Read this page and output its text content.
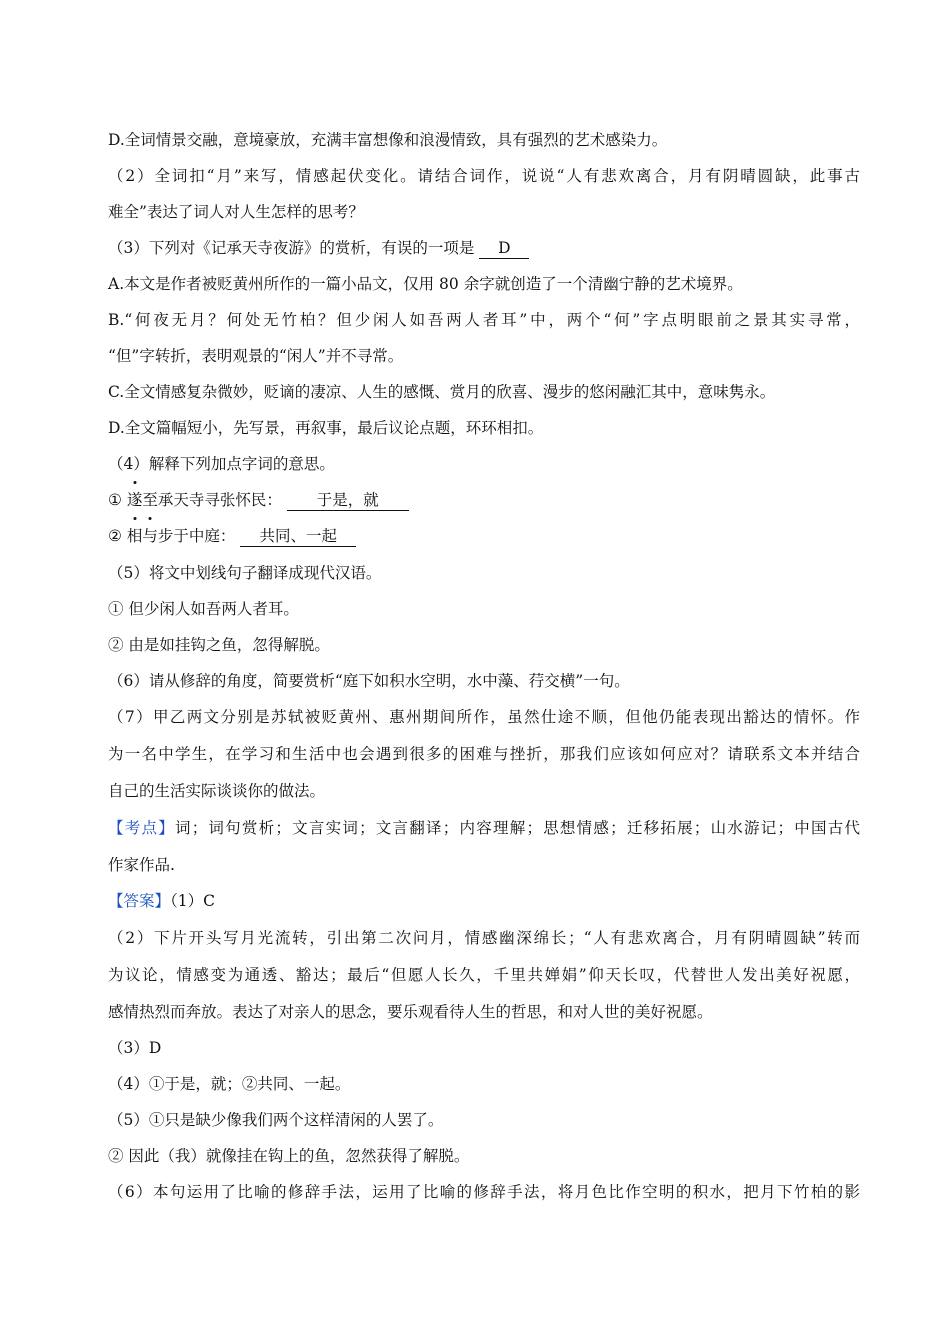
D.全词情景交融，意境豪放，充满丰富想像和浪漫情致，具有强烈的艺术感染力。
（2）全词扣“月”来写，情感起伏变化。请结合词作，说说“人有悲欢离合，月有阴晴圆缺，此事古
难全”表达了词人对人生怎样的思考？
（3）下列对《记承天寺夜游》的赏析，有误的一项是 D
A.本文是作者被贬黄州所作的一篇小品文，仅用 80 余字就创造了一个清幽宁静的艺术境界。
B.“何夜无月？何处无竹柏？但少闲人如吾两人者耳”中，两个“何”字点明眼前之景其实寻常，
“但”字转折，表明观景的“闲人”并不寻常。
C.全文情感复杂微妙，贬谪的凄凉、人生的感慨、赏月的欣喜、漫步的悠闲融汇其中，意味隽永。
D.全文篇幅短小，先写景，再叙事，最后议论点题，环环相扣。
（4）解释下列加点字词的意思。
① 遂至承天寺寻张怀民： 于是，就
② 相与步于中庭： 共同、一起
（5）将文中划线句子翻译成现代汉语。
① 但少闲人如吾两人者耳。
② 由是如挂钩之鱼，忽得解脱。
（6）请从修辞的角度，简要赏析“庭下如积水空明，水中藻、荇交横”一句。
（7）甲乙两文分别是苏轼被贬黄州、惠州期间所作，虽然仕途不顺，但他仍能表现出豁达的情怀。作
为一名中学生，在学习和生活中也会遇到很多的困难与挫折，那我们应该如何应对？请联系文本并结合
自己的生活实际谈谈你的做法。
【考点】词；词句赏析；文言实词；文言翻译；内容理解；思想情感；迁移拓展；山水游记；中国古代
作家作品.
【答案】（1）C
（2）下片开头写月光流转，引出第二次问月，情感幽深绵长；“人有悲欢离合，月有阴晴圆缺”转而
为议论，情感变为通透、豁达；最后“但愿人长久，千里共婵娟”仰天长叹，代替世人发出美好祝愿，
感情热烈而奔放。表达了对亲人的思念，要乐观看待人生的哲思，和对人世的美好祝愿。
（3）D
（4）①于是，就；②共同、一起。
（5）①只是缺少像我们两个这样清闲的人罢了。
② 因此（我）就像挂在钩上的鱼，忽然获得了解脱。
（6）本句运用了比喻的修辞手法，运用了比喻的修辞手法，将月色比作空明的积水，把月下竹柏的影
